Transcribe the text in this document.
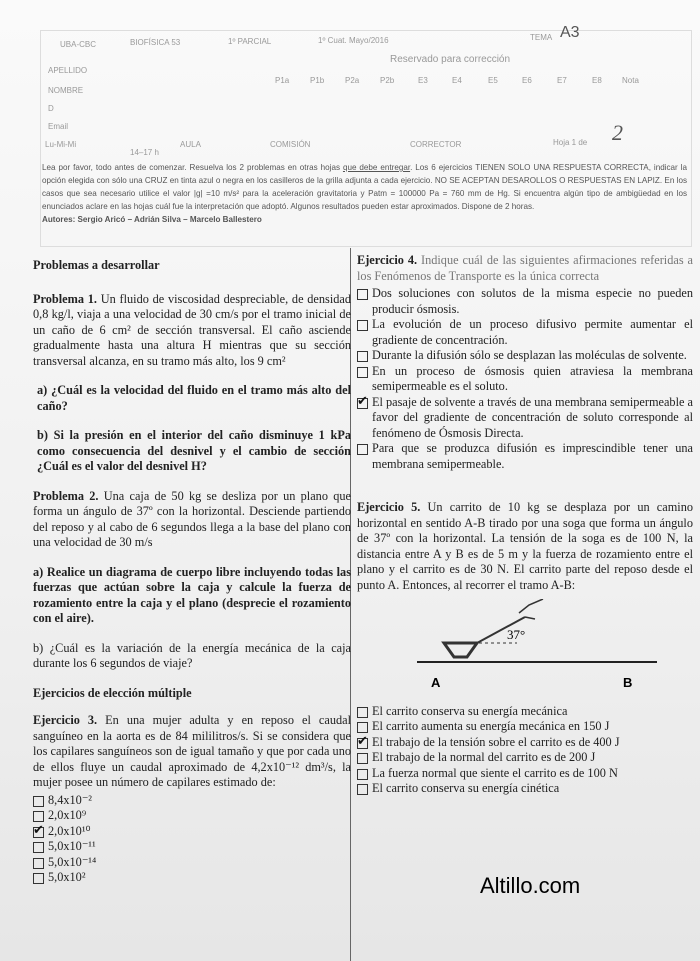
UBA-CBC	BIOFÍSICA 53	1º PARCIAL	1º Cuat. Mayo/2016	TEMA A3
Reservado para corrección
APELLIDO
NOMBRE
D
Email
P1a	P1b	P2a	P2b	E3	E4	E5	E6	E7	E8	Nota
Lu-Mi-Mi
14–17 h
AULA	COMISIÓN	CORRECTOR	Hoja 1 de 2
Lea por favor, todo antes de comenzar. Resuelva los 2 problemas en otras hojas que debe entregar. Los 6 ejercicios TIENEN SOLO UNA RESPUESTA CORRECTA, indicar la opción elegida con sólo una CRUZ en tinta azul o negra en los casilleros de la grilla adjunta a cada ejercicio. NO SE ACEPTAN DESAROLLOS O RESPUESTAS EN LAPIZ. En los casos que sea necesario utilice el valor |g| =10 m/s² para la aceleración gravitatoria y Patm = 100000 Pa = 760 mm de Hg. Si encuentra algún tipo de ambigüedad en los enunciados aclare en las hojas cuál fue la interpretación que adoptó. Algunos resultados pueden estar aproximados. Dispone de 2 horas.
Autores: Sergio Aricó – Adrián Silva – Marcelo Ballestero
Problemas a desarrollar

Problema 1. Un fluido de viscosidad despreciable, de densidad 0,8 kg/l, viaja a una velocidad de 30 cm/s por el tramo inicial de un caño de 6 cm² de sección transversal. El caño asciende gradualmente hasta una altura H mientras que su sección transversal alcanza, en su tramo más alto, los 9 cm²

a) ¿Cuál es la velocidad del fluido en el tramo más alto del caño?

b) Si la presión en el interior del caño disminuye 1 kPa como consecuencia del desnivel y el cambio de sección ¿Cuál es el valor del desnivel H?

Problema 2. Una caja de 50 kg se desliza por un plano que forma un ángulo de 37º con la horizontal. Desciende partiendo del reposo y al cabo de 6 segundos llega a la base del plano con una velocidad de 30 m/s

a) Realice un diagrama de cuerpo libre incluyendo todas las fuerzas que actúan sobre la caja y calcule la fuerza de rozamiento entre la caja y el plano (desprecie el rozamiento con el aire).

b) ¿Cuál es la variación de la energía mecánica de la caja durante los 6 segundos de viaje?

Ejercicios de elección múltiple

Ejercicio 3. En una mujer adulta y en reposo el caudal sanguíneo en la aorta es de 84 mililitros/s. Si se considera que los capilares sanguíneos son de igual tamaño y que por cada uno de ellos fluye un caudal aproximado de 4,2x10⁻¹² dm³/s, la mujer posee un número de capilares estimado de:

8,4x10⁻²
2,0x10⁹
✔
2,0x10¹⁰
5,0x10⁻¹¹
5,0x10⁻¹⁴
5,0x10²

Ejercicio 4. Indique cuál de las siguientes afirmaciones referidas a los Fenómenos de Transporte es la única correcta

Dos soluciones con solutos de la misma especie no pueden producir ósmosis.
La evolución de un proceso difusivo permite aumentar el gradiente de concentración.
Durante la difusión sólo se desplazan las moléculas de solvente.
En un proceso de ósmosis quien atraviesa la membrana semipermeable es el soluto.
✔
El pasaje de solvente a través de una membrana semipermeable a favor del gradiente de concentración de soluto corresponde al fenómeno de Ósmosis Directa.
Para que se produzca difusión es imprescindible tener una membrana semipermeable.

Ejercicio 5. Un carrito de 10 kg se desplaza por un camino horizontal en sentido A-B tirado por una soga que forma un ángulo de 37º con la horizontal. La tensión de la soga es de 100 N, la distancia entre A y B es de 5 m y la fuerza de rozamiento entre el plano y el carrito es de 30 N. El carrito parte del reposo desde el punto A. Entonces, al recorrer el tramo A-B:

37°
A	B
El carrito conserva su energía mecánica
El carrito aumenta su energía mecánica en 150 J
✔
El trabajo de la tensión sobre el carrito es de 400 J
El trabajo de la normal del carrito es de 200 J
La fuerza normal que siente el carrito es de 100 N
El carrito conserva su energía cinética
Altillo.com
